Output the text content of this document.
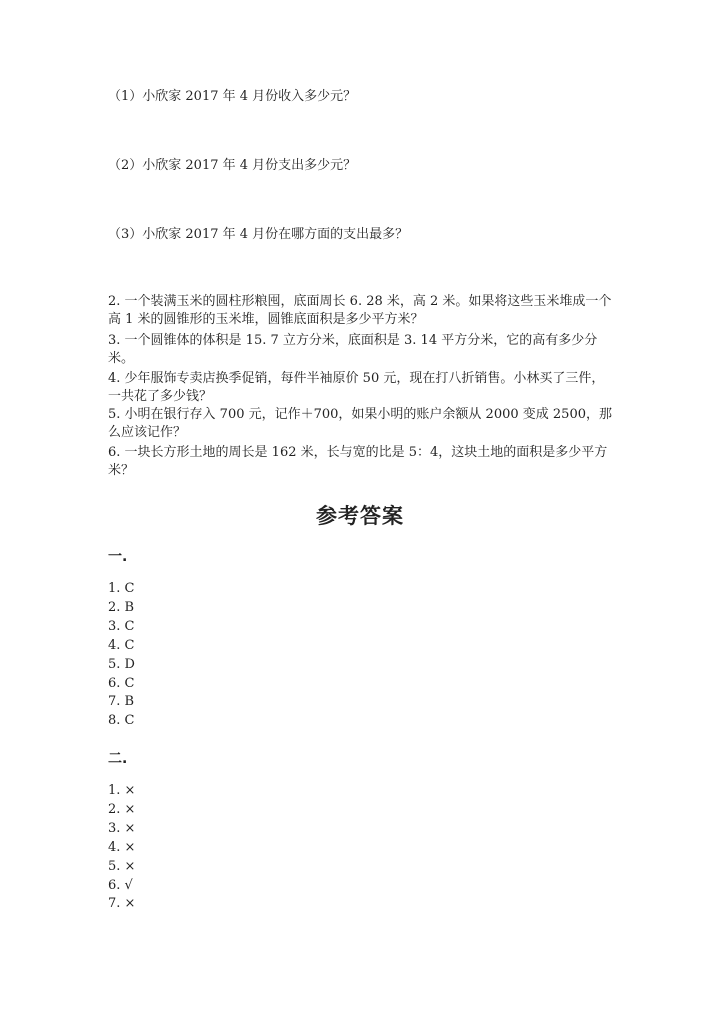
（1）小欣家 2017 年 4 月份收入多少元？
（2）小欣家 2017 年 4 月份支出多少元？
（3）小欣家 2017 年 4 月份在哪方面的支出最多？

2. 一个装满玉米的圆柱形粮囤，底面周长 6. 28 米，高 2 米。如果将这些玉米堆成一个高 1 米的圆锥形的玉米堆，圆锥底面积是多少平方米？

3. 一个圆锥体的体积是 15. 7 立方分米，底面积是 3. 14 平方分米，它的高有多少分米。

4. 少年服饰专卖店换季促销，每件半袖原价 50 元，现在打八折销售。小林买了三件，一共花了多少钱？

5. 小明在银行存入 700 元，记作＋700，如果小明的账户余额从 2000 变成 2500，那么应该记作？

6. 一块长方形土地的周长是 162 米，长与宽的比是 5：4，这块土地的面积是多少平方米？

参考答案
一.
1. C
2. B
3. C
4. C
5. D
6. C
7. B
8. C
二.
1. ×
2. ×
3. ×
4. ×
5. ×
6. √
7. ×
